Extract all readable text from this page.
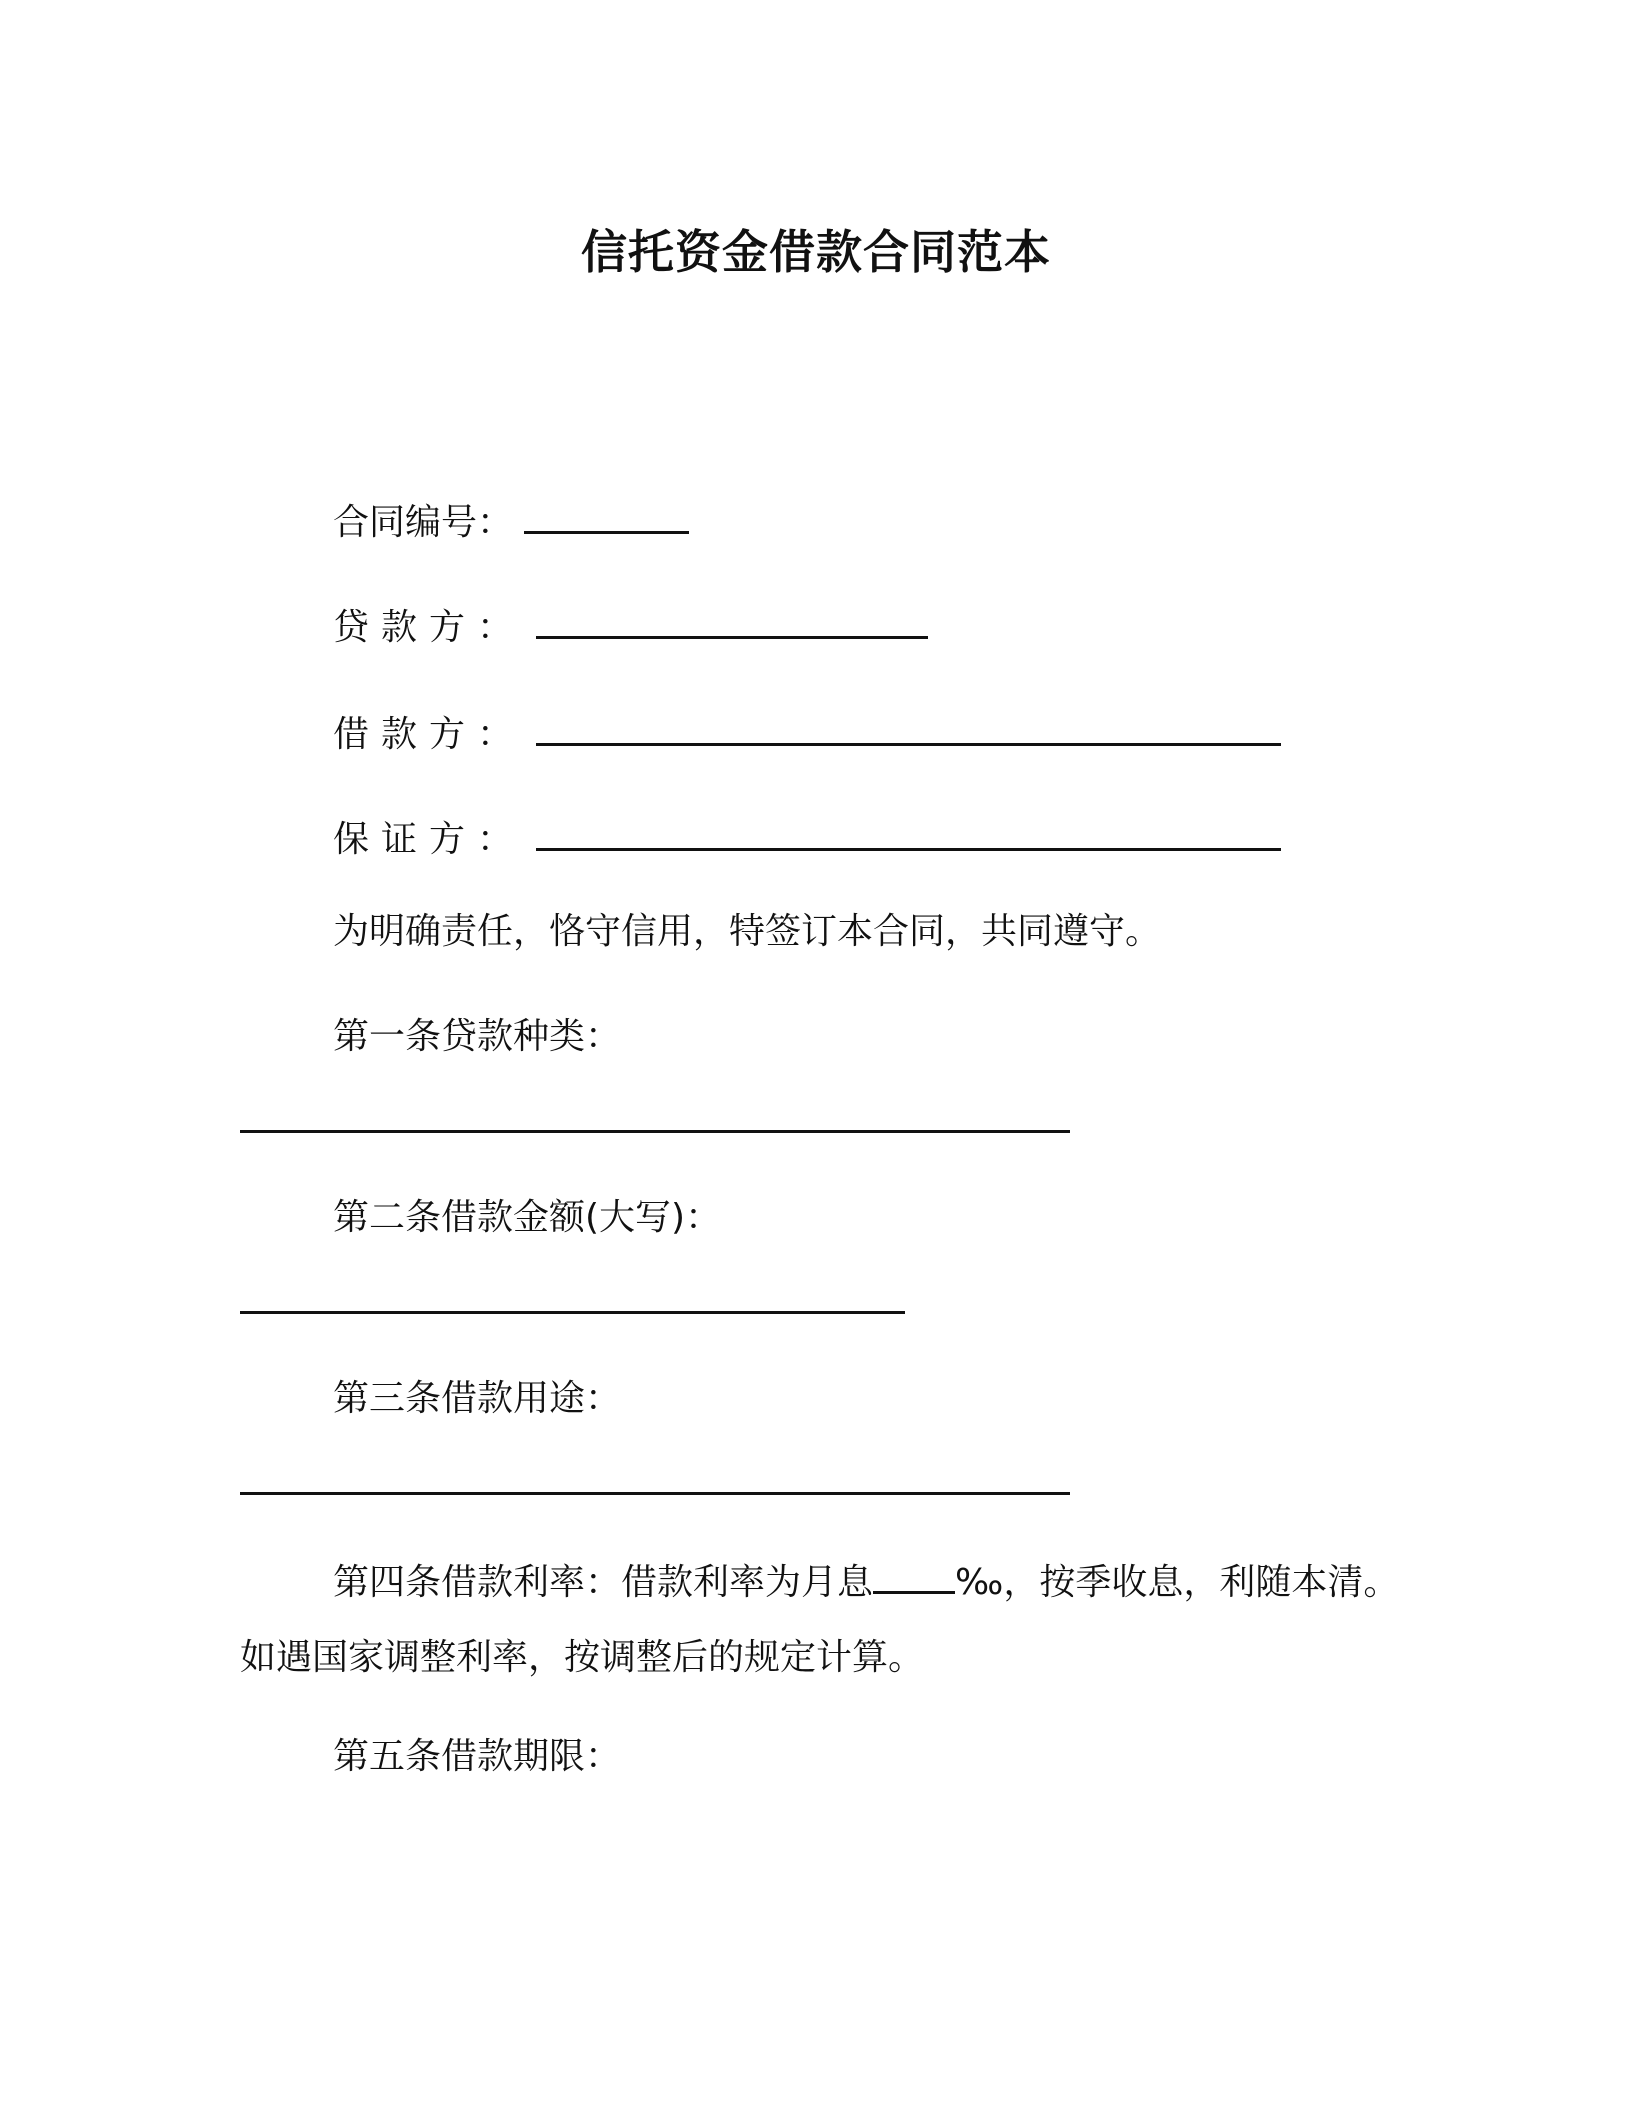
信托资金借款合同范本
合同编号：
贷款方：
借款方：
保证方：
为明确责任，恪守信用，特签订本合同，共同遵守。
第一条贷款种类：
第二条借款金额(大写)：
第三条借款用途：
第四条借款利率：借款利率为月息 ‰，按季收息，利随本清。
如遇国家调整利率，按调整后的规定计算。
第五条借款期限：
